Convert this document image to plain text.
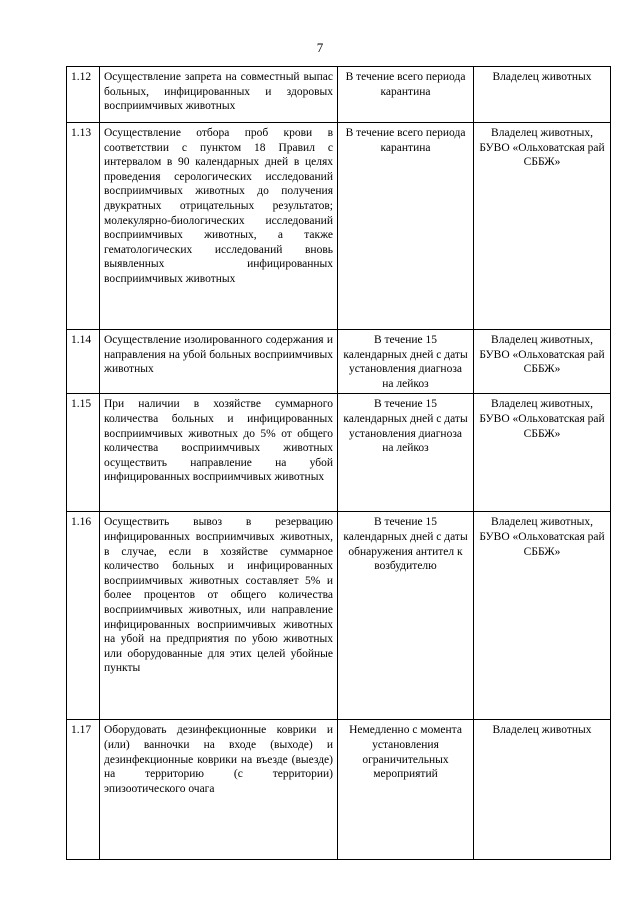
7
1.12	Осуществление запрета на совместный выпас больных, инфицированных и здоровых восприимчивых животных	В течение всего периода карантина	Владелец животных
1.13	Осуществление отбора проб крови в соответствии с пунктом 18 Правил с интервалом в 90 календарных дней в целях проведения серологических исследований восприимчивых животных до получения двукратных отрицательных результатов; молекулярно-биологических исследований восприимчивых животных, а также гематологических исследований вновь выявленных инфицированных восприимчивых животных	В течение всего периода карантина	Владелец животных, БУВО «Ольховатская рай СББЖ»
1.14	Осуществление изолированного содержания и направления на убой больных восприимчивых животных	В течение 15 календарных дней с даты установления диагноза на лейкоз	Владелец животных, БУВО «Ольховатская рай СББЖ»
1.15	При наличии в хозяйстве суммарного количества больных и инфицированных восприимчивых животных до 5% от общего количества восприимчивых животных осуществить направление на убой инфицированных восприимчивых животных	В течение 15 календарных дней с даты установления диагноза на лейкоз	Владелец животных, БУВО «Ольховатская рай СББЖ»
1.16	Осуществить вывоз в резервацию инфицированных восприимчивых животных, в случае, если в хозяйстве суммарное количество больных и инфицированных восприимчивых животных составляет 5% и более процентов от общего количества восприимчивых животных, или направление инфицированных восприимчивых животных на убой на предприятия по убою животных или оборудованные для этих целей убойные пункты	В течение 15 календарных дней с даты обнаружения антител к возбудителю	Владелец животных, БУВО «Ольховатская рай СББЖ»
1.17	Оборудовать дезинфекционные коврики и (или) ванночки на входе (выходе) и дезинфекционные коврики на въезде (выезде) на территорию (с территории) эпизоотического очага	Немедленно с момента установления ограничительных мероприятий	Владелец животных
